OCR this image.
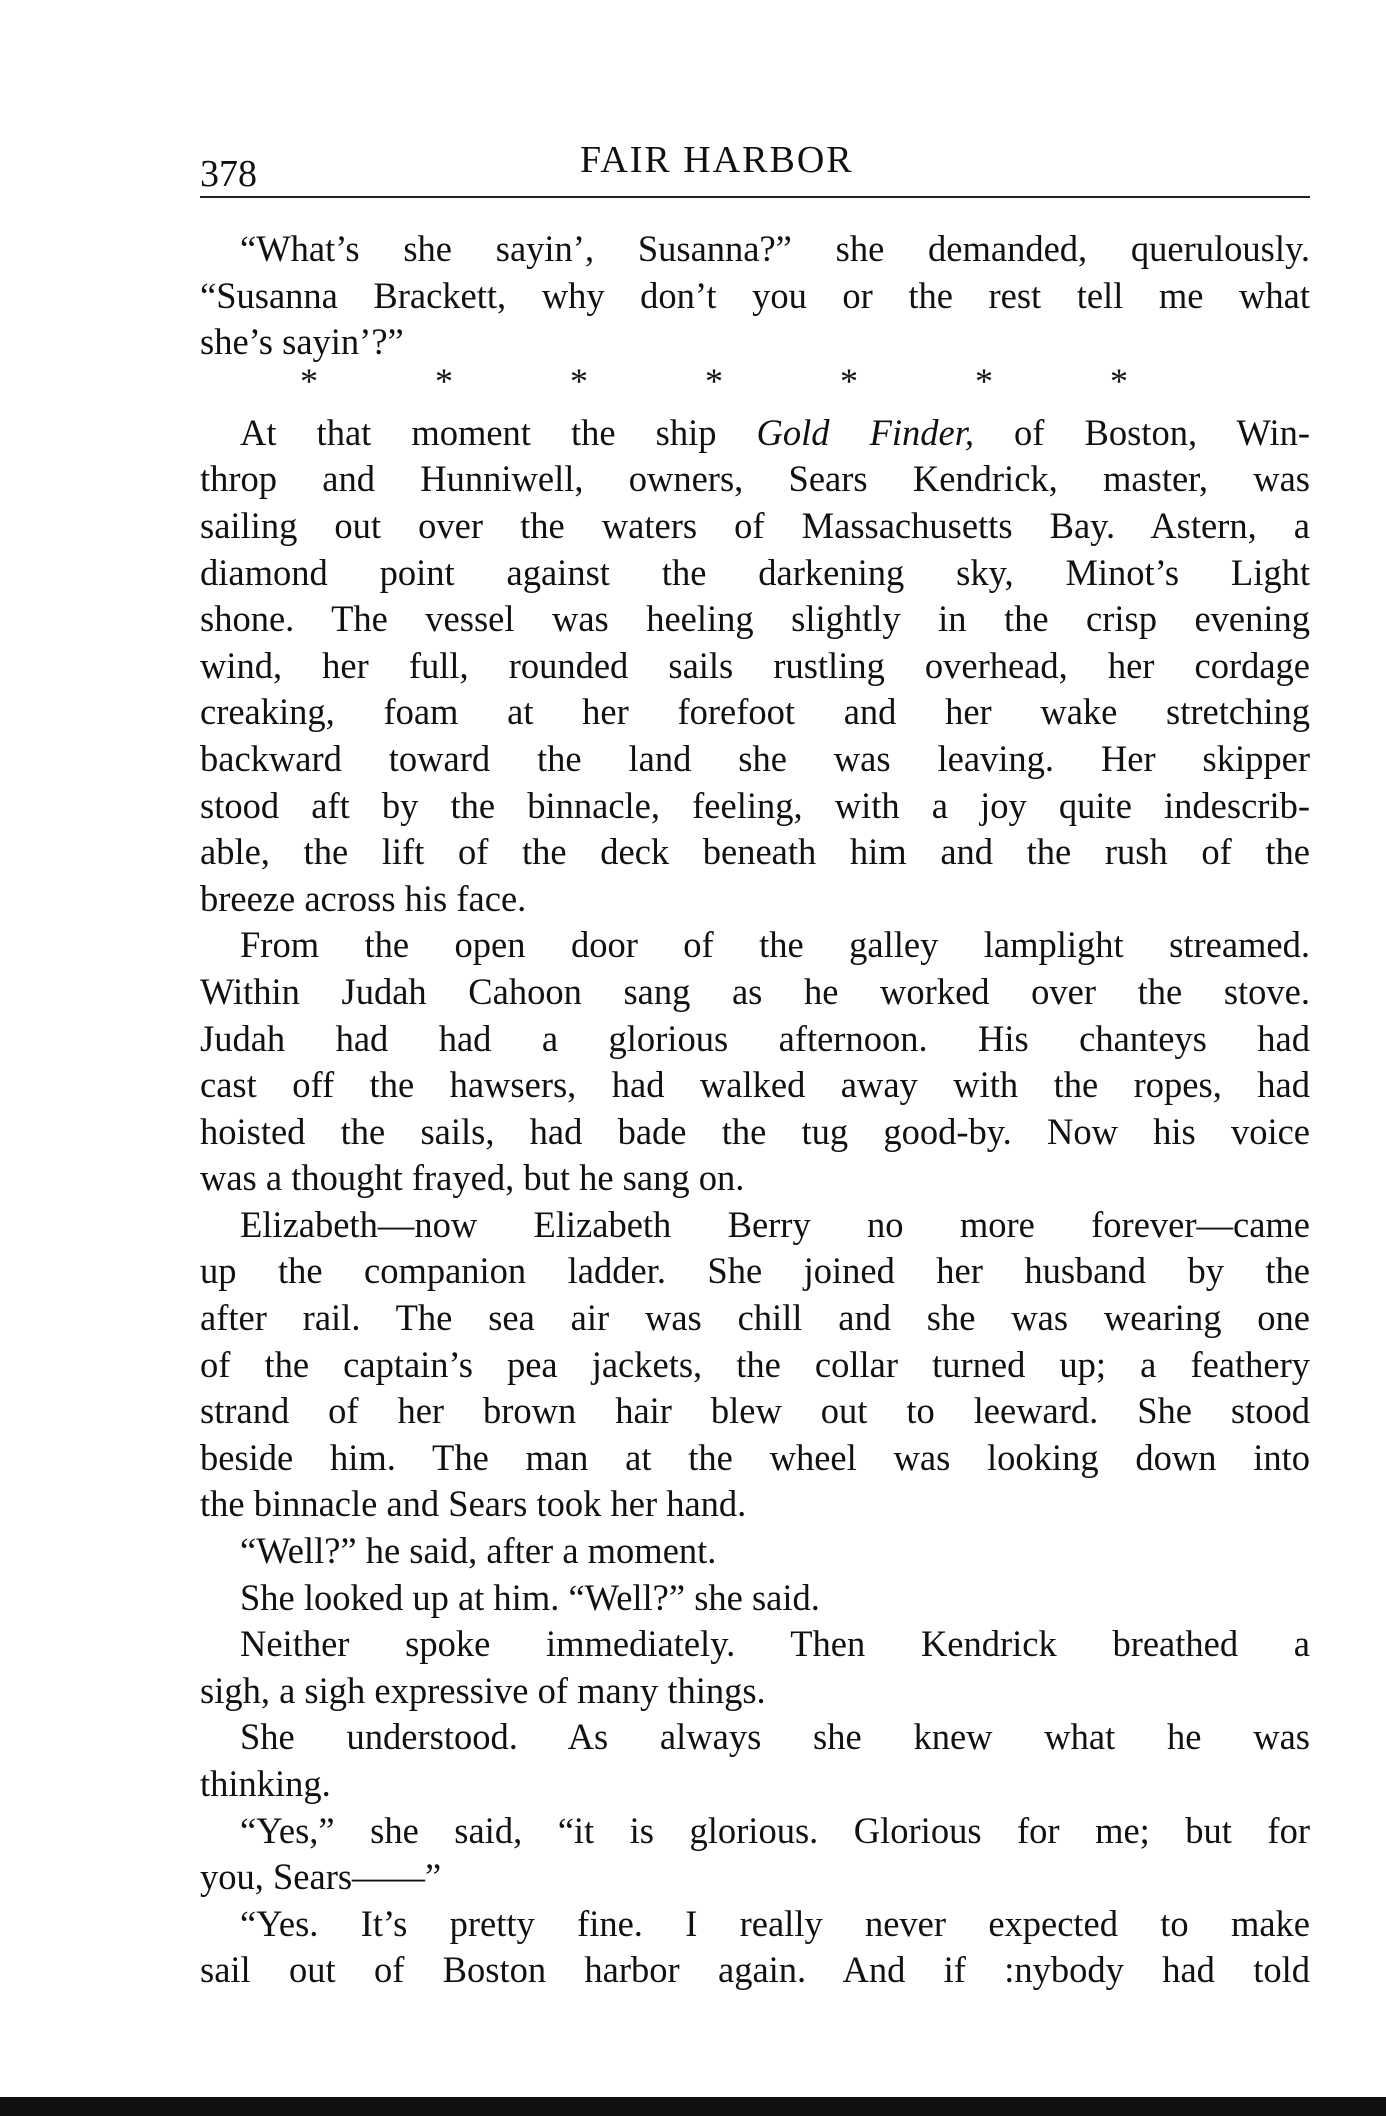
378	FAIR HARBOR
“What’s she sayin’, Susanna?” she demanded, querulously.
“Susanna Brackett, why don’t you or the rest tell me what
she’s sayin’?”
* * * * * * *
At that moment the ship Gold Finder, of Boston, Win-
throp and Hunniwell, owners, Sears Kendrick, master, was
sailing out over the waters of Massachusetts Bay. Astern, a
diamond point against the darkening sky, Minot’s Light
shone. The vessel was heeling slightly in the crisp evening
wind, her full, rounded sails rustling overhead, her cordage
creaking, foam at her forefoot and her wake stretching
backward toward the land she was leaving. Her skipper
stood aft by the binnacle, feeling, with a joy quite indescrib-
able, the lift of the deck beneath him and the rush of the
breeze across his face.
From the open door of the galley lamplight streamed.
Within Judah Cahoon sang as he worked over the stove.
Judah had had a glorious afternoon. His chanteys had
cast off the hawsers, had walked away with the ropes, had
hoisted the sails, had bade the tug good-by. Now his voice
was a thought frayed, but he sang on.
Elizabeth—now Elizabeth Berry no more forever—came
up the companion ladder. She joined her husband by the
after rail. The sea air was chill and she was wearing one
of the captain’s pea jackets, the collar turned up; a feathery
strand of her brown hair blew out to leeward. She stood
beside him. The man at the wheel was looking down into
the binnacle and Sears took her hand.
“Well?” he said, after a moment.
She looked up at him. “Well?” she said.
Neither spoke immediately. Then Kendrick breathed a
sigh, a sigh expressive of many things.
She understood. As always she knew what he was
thinking.
“Yes,” she said, “it is glorious. Glorious for me; but for
you, Sears——”
“Yes. It’s pretty fine. I really never expected to make
sail out of Boston harbor again. And if :nybody had told
